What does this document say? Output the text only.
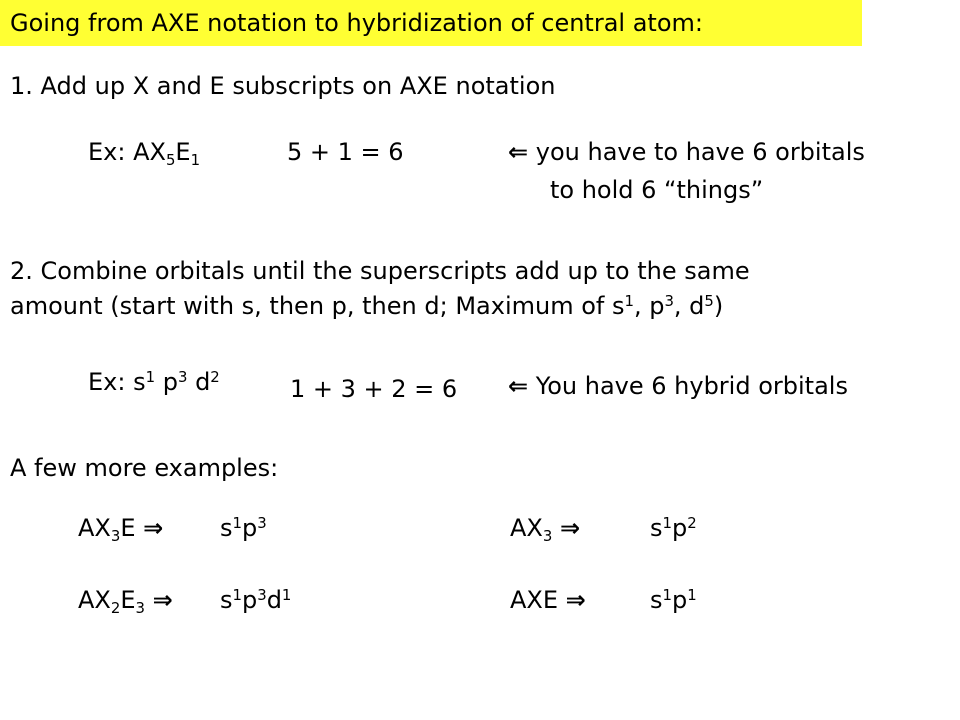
Going from AXE notation to hybridization of central atom:
1. Add up X and E subscripts on AXE notation
Ex: $AX_5E_1$	5 + 1 = 6	⇐ you have to have 6 orbitals
to hold 6 “things”
2. Combine orbitals until the superscripts add up to the same
amount (start with s, then p, then d; Maximum of $s^1$, $p^3$, $d^5$)
Ex: $s^1$ $p^3$ $d^2$	1 + 3 + 2 = 6 ⇐ You have 6 hybrid orbitals
A few more examples:
$AX_3E$ ⇒ $s^1p^3$	$AX_3$ ⇒	$s^1p^2$
$AX_2E_3$ ⇒ $s^1p^3d^1$	AXE ⇒	$s^1p^1$
